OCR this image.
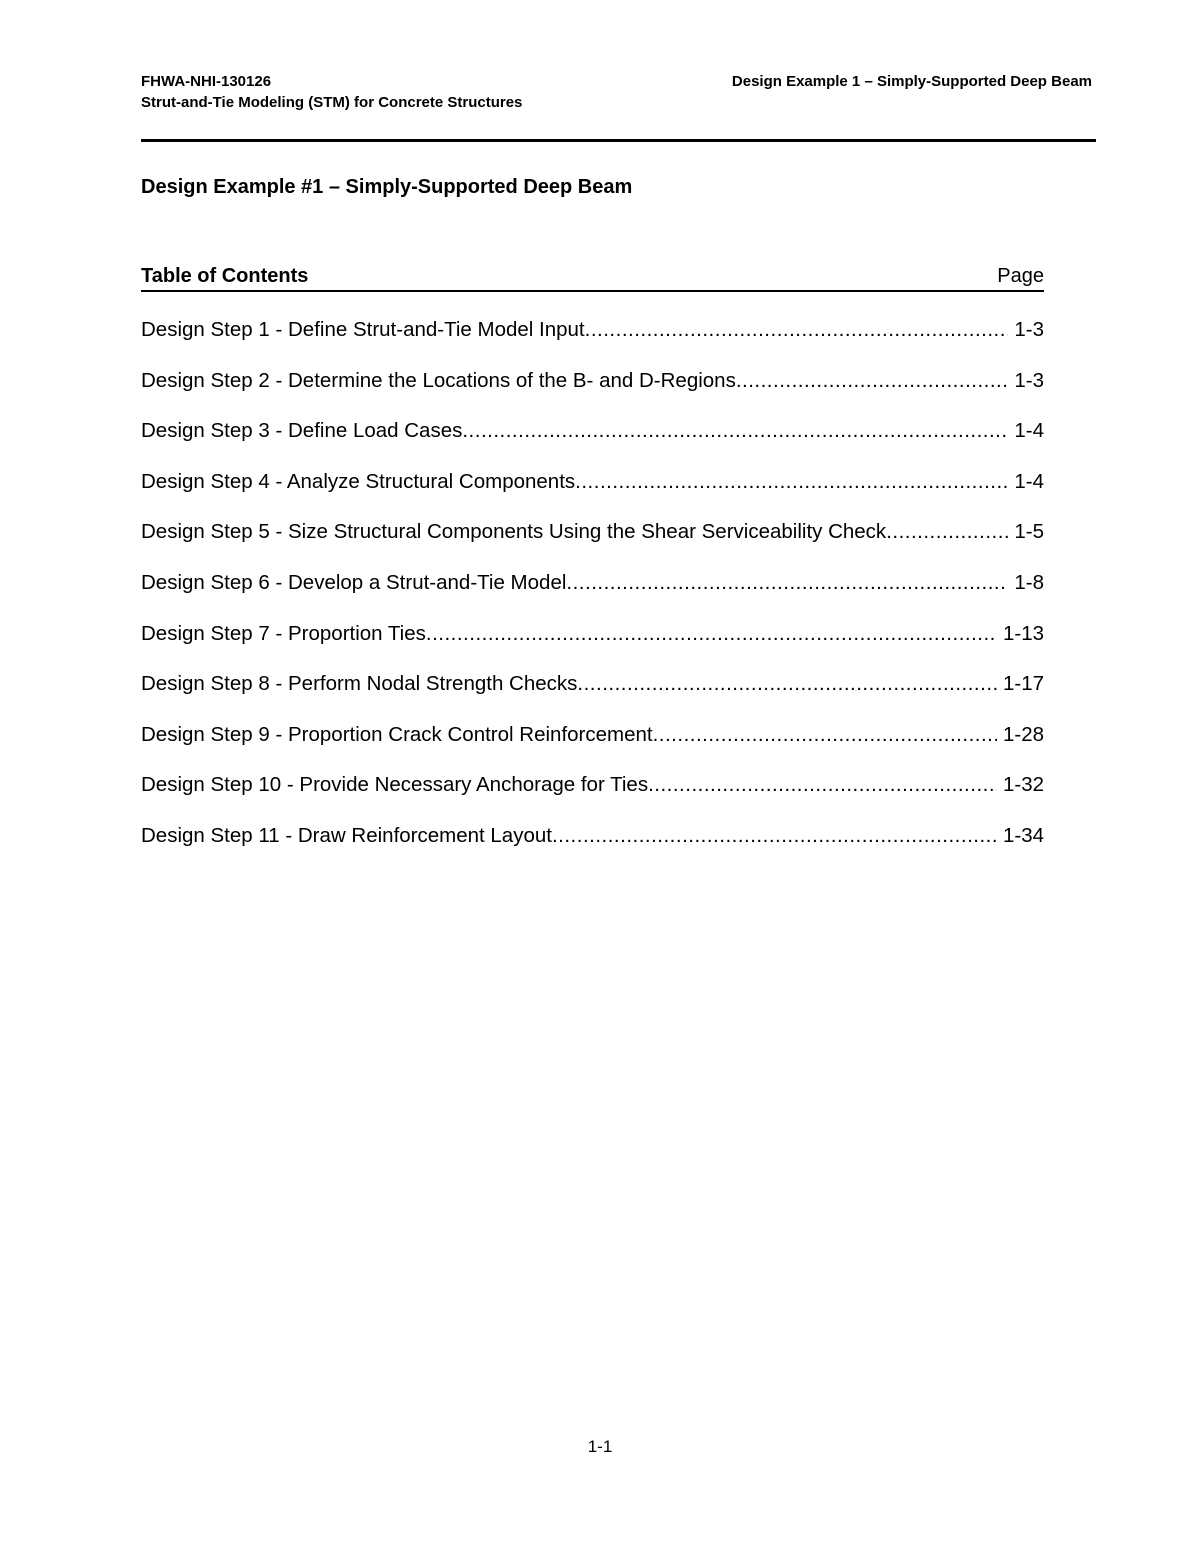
FHWA-NHI-130126
Strut-and-Tie Modeling (STM) for Concrete Structures
Design Example 1 – Simply-Supported Deep Beam
Design Example #1 – Simply-Supported Deep Beam
Table of Contents	Page
Design Step 1 - Define Strut-and-Tie Model Input .....	1-3
Design Step 2 - Determine the Locations of the B- and D-Regions .....	1-3
Design Step 3 - Define Load Cases .....	1-4
Design Step 4 - Analyze Structural Components .....	1-4
Design Step 5 - Size Structural Components Using the Shear Serviceability Check .....	1-5
Design Step 6 - Develop a Strut-and-Tie Model .....	1-8
Design Step 7 - Proportion Ties .....	1-13
Design Step 8 - Perform Nodal Strength Checks .....	1-17
Design Step 9 - Proportion Crack Control Reinforcement .....	1-28
Design Step 10 - Provide Necessary Anchorage for Ties .....	1-32
Design Step 11 - Draw Reinforcement Layout .....	1-34
1-1
